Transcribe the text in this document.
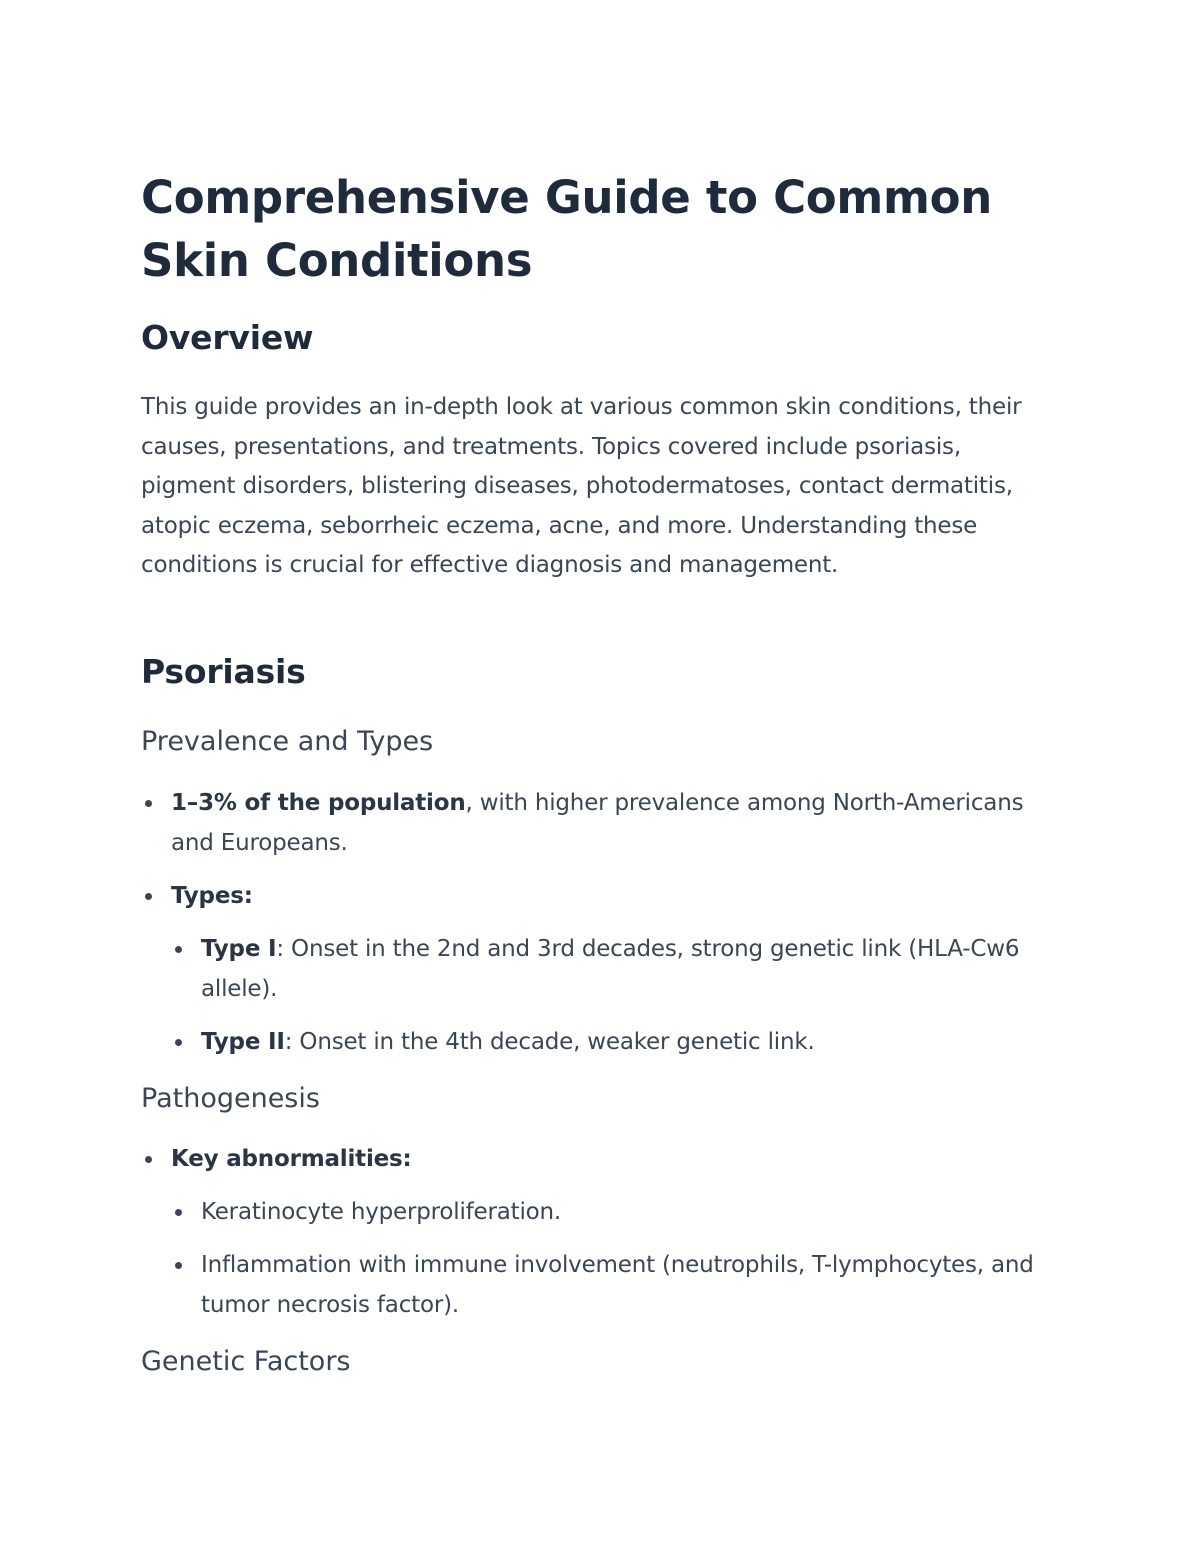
Comprehensive Guide to Common Skin Conditions
Overview

This guide provides an in-depth look at various common skin conditions, their causes, presentations, and treatments. Topics covered include psoriasis, pigment disorders, blistering diseases, photodermatoses, contact dermatitis, atopic eczema, seborrheic eczema, acne, and more. Understanding these conditions is crucial for effective diagnosis and management.

Psoriasis
Prevalence and Types
1–3% of the population, with higher prevalence among North-Americans and Europeans.
Types:
Type I: Onset in the 2nd and 3rd decades, strong genetic link (HLA-Cw6 allele).
Type II: Onset in the 4th decade, weaker genetic link.
Pathogenesis
Key abnormalities:
Keratinocyte hyperproliferation.
Inflammation with immune involvement (neutrophils, T-lymphocytes, and tumor necrosis factor).
Genetic Factors
